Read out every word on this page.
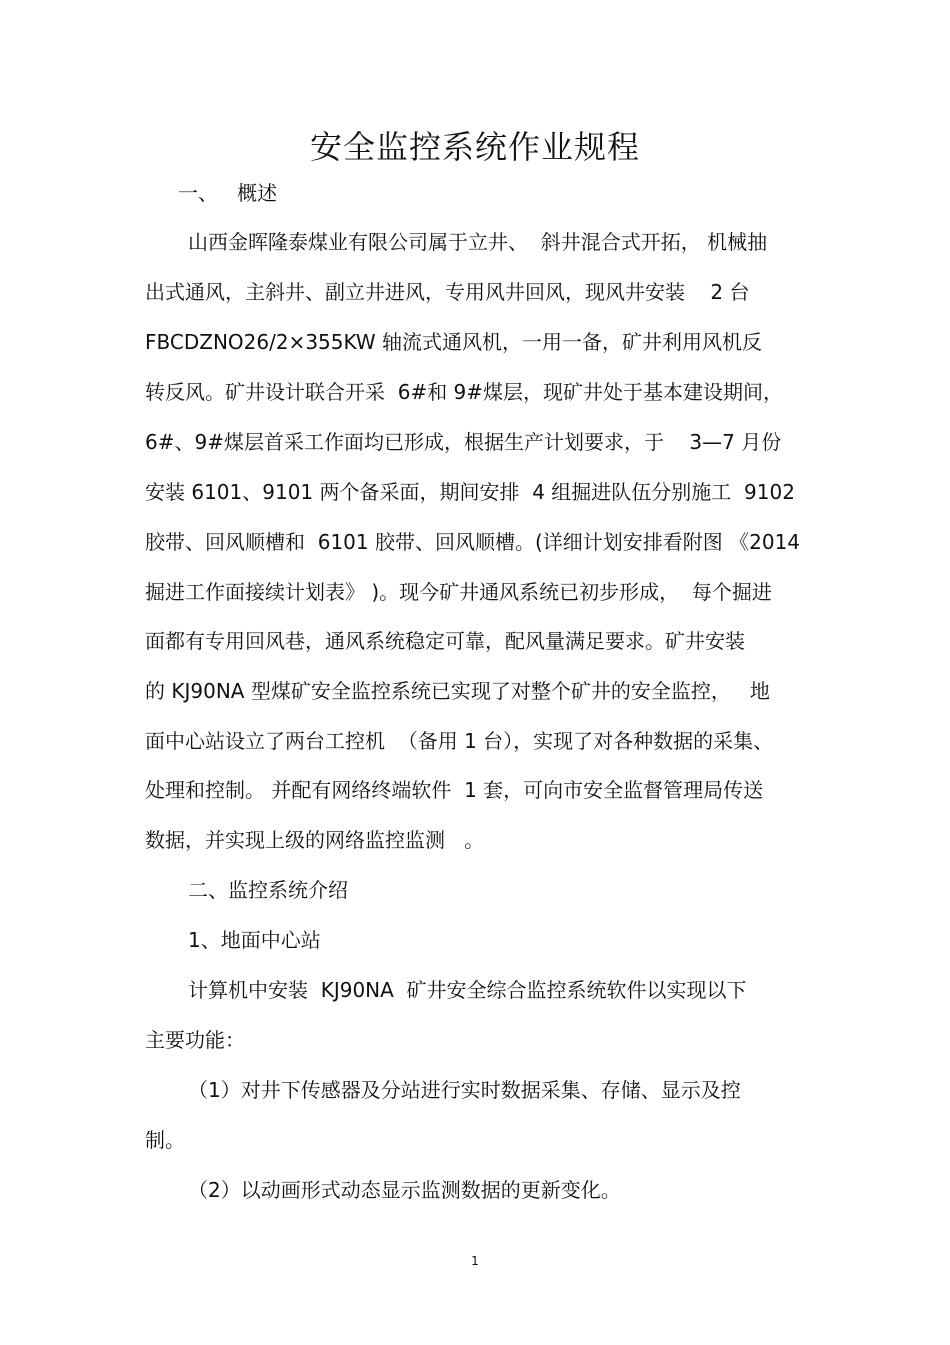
安全监控系统作业规程
一、   概述
山西金晖隆泰煤业有限公司属于立井、  斜井混合式开拓， 机械抽
出式通风，主斜井、副立井进风，专用风井回风，现风井安装    2 台
FBCDZNO26/2×355KW 轴流式通风机，一用一备，矿井利用风机反
转反风。矿井设计联合开采  6#和 9#煤层，现矿井处于基本建设期间，
6#、9#煤层首采工作面均已形成，根据生产计划要求，于    3—7 月份
安装 6101、9101 两个备采面，期间安排  4 组掘进队伍分别施工  9102
胶带、回风顺槽和  6101 胶带、回风顺槽。(详细计划安排看附图 《2014
掘进工作面接续计划表》 )。现今矿井通风系统已初步形成，  每个掘进
面都有专用回风巷，通风系统稳定可靠，配风量满足要求。矿井安装
的 KJ90NA 型煤矿安全监控系统已实现了对整个矿井的安全监控，   地
面中心站设立了两台工控机  （备用 1 台），实现了对各种数据的采集、
处理和控制。 并配有网络终端软件  1 套，可向市安全监督管理局传送
数据，并实现上级的网络监控监测   。
二、监控系统介绍
1、地面中心站
计算机中安装  KJ90NA  矿井安全综合监控系统软件以实现以下
主要功能：
（1）对井下传感器及分站进行实时数据采集、存储、显示及控
制。
（2）以动画形式动态显示监测数据的更新变化。
1
